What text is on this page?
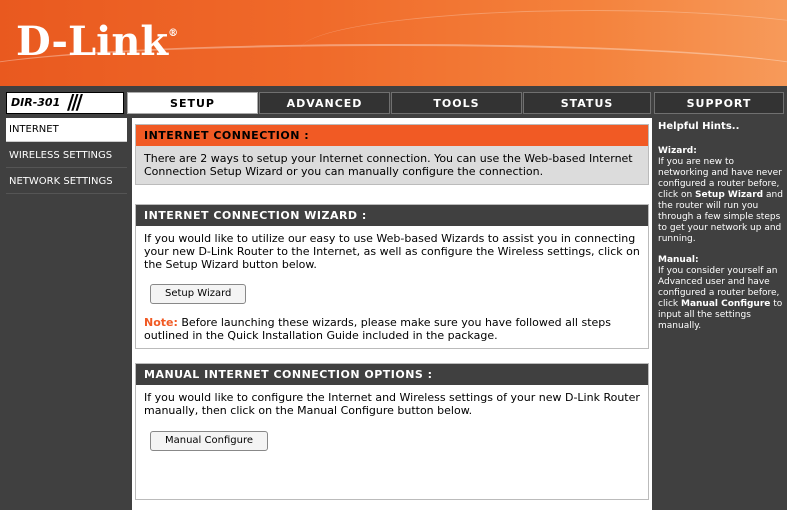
D-Link®
DIR-301 ///	SETUP	ADVANCED	TOOLS	STATUS	SUPPORT
INTERNET
WIRELESS SETTINGS
NETWORK SETTINGS
INTERNET CONNECTION :
There are 2 ways to setup your Internet connection. You can use the Web-based Internet Connection Setup Wizard or you can manually configure the connection.
INTERNET CONNECTION WIZARD :
If you would like to utilize our easy to use Web-based Wizards to assist you in connecting your new D-Link Router to the Internet, as well as configure the Wireless settings, click on the Setup Wizard button below.
Setup Wizard
Note: Before launching these wizards, please make sure you have followed all steps outlined in the Quick Installation Guide included in the package.
MANUAL INTERNET CONNECTION OPTIONS :
If you would like to configure the Internet and Wireless settings of your new D-Link Router manually, then click on the Manual Configure button below.
Manual Configure
Helpful Hints..

Wizard:
If you are new to networking and have never configured a router before, click on Setup Wizard and the router will run you through a few simple steps to get your network up and running.

Manual:
If you consider yourself an Advanced user and have configured a router before, click Manual Configure to input all the settings manually.
